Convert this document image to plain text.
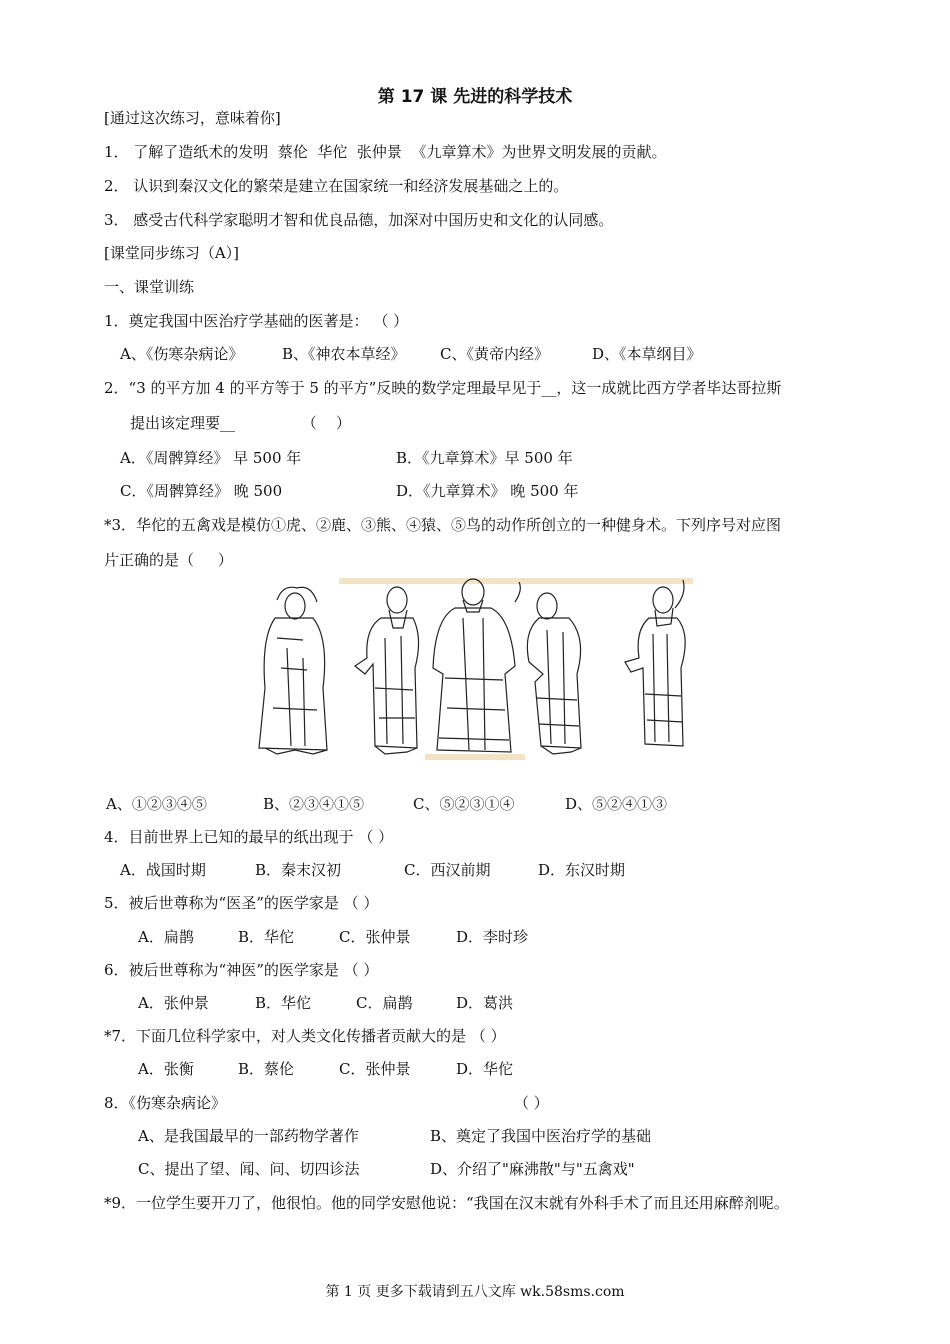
第 17 课 先进的科学技术
[通过这次练习，意味着你]
1． 了解了造纸术的发明  蔡伦  华佗  张仲景  《九章算术》为世界文明发展的贡献。
2． 认识到秦汉文化的繁荣是建立在国家统一和经济发展基础之上的。
3． 感受古代科学家聪明才智和优良品德，加深对中国历史和文化的认同感。
[课堂同步练习（A）]
一、课堂训练
1．奠定我国中医治疗学基础的医著是： （ ）
A、《伤寒杂病论》	B、《神农本草经》 C、《黄帝内经》	D、《本草纲目》
2．“3 的平方加 4 的平方等于 5 的平方”反映的数学定理最早见于__，这一成就比西方学者毕达哥拉斯
提出该定理要__              （    ）
A．《周髀算经》 早 500 年	B．《九章算术》早 500 年
C．《周髀算经》 晚 500	D．《九章算术》 晚 500 年
*3．华佗的五禽戏是模仿①虎、②鹿、③熊、④猿、⑤鸟的动作所创立的一种健身术。下列序号对应图
片正确的是（     ）
A、①②③④⑤	B、②③④①⑤	C、⑤②③①④	D、⑤②④①③
4．目前世界上已知的最早的纸出现于 （ ）
A．战国时期	B．秦末汉初	C．西汉前期	D．东汉时期
5．被后世尊称为“医圣”的医学家是 （ ）
A．扁鹊	B．华佗	C．张仲景	D．李时珍
6．被后世尊称为“神医”的医学家是 （ ）
A．张仲景	B．华佗	C．扁鹊	D．葛洪
*7．下面几位科学家中，对人类文化传播者贡献大的是 （ ）
A．张衡	B．蔡伦	C．张仲景	D．华佗
8．《伤寒杂病论》	（ ）
A、是我国最早的一部药物学著作	B、奠定了我国中医治疗学的基础
C、提出了望、闻、问、切四诊法	D、介绍了"麻沸散"与"五禽戏"
*9．一位学生要开刀了，他很怕。他的同学安慰他说：“我国在汉末就有外科手术了而且还用麻醉剂呢。
第 1 页 更多下载请到五八文库 wk.58sms.com
